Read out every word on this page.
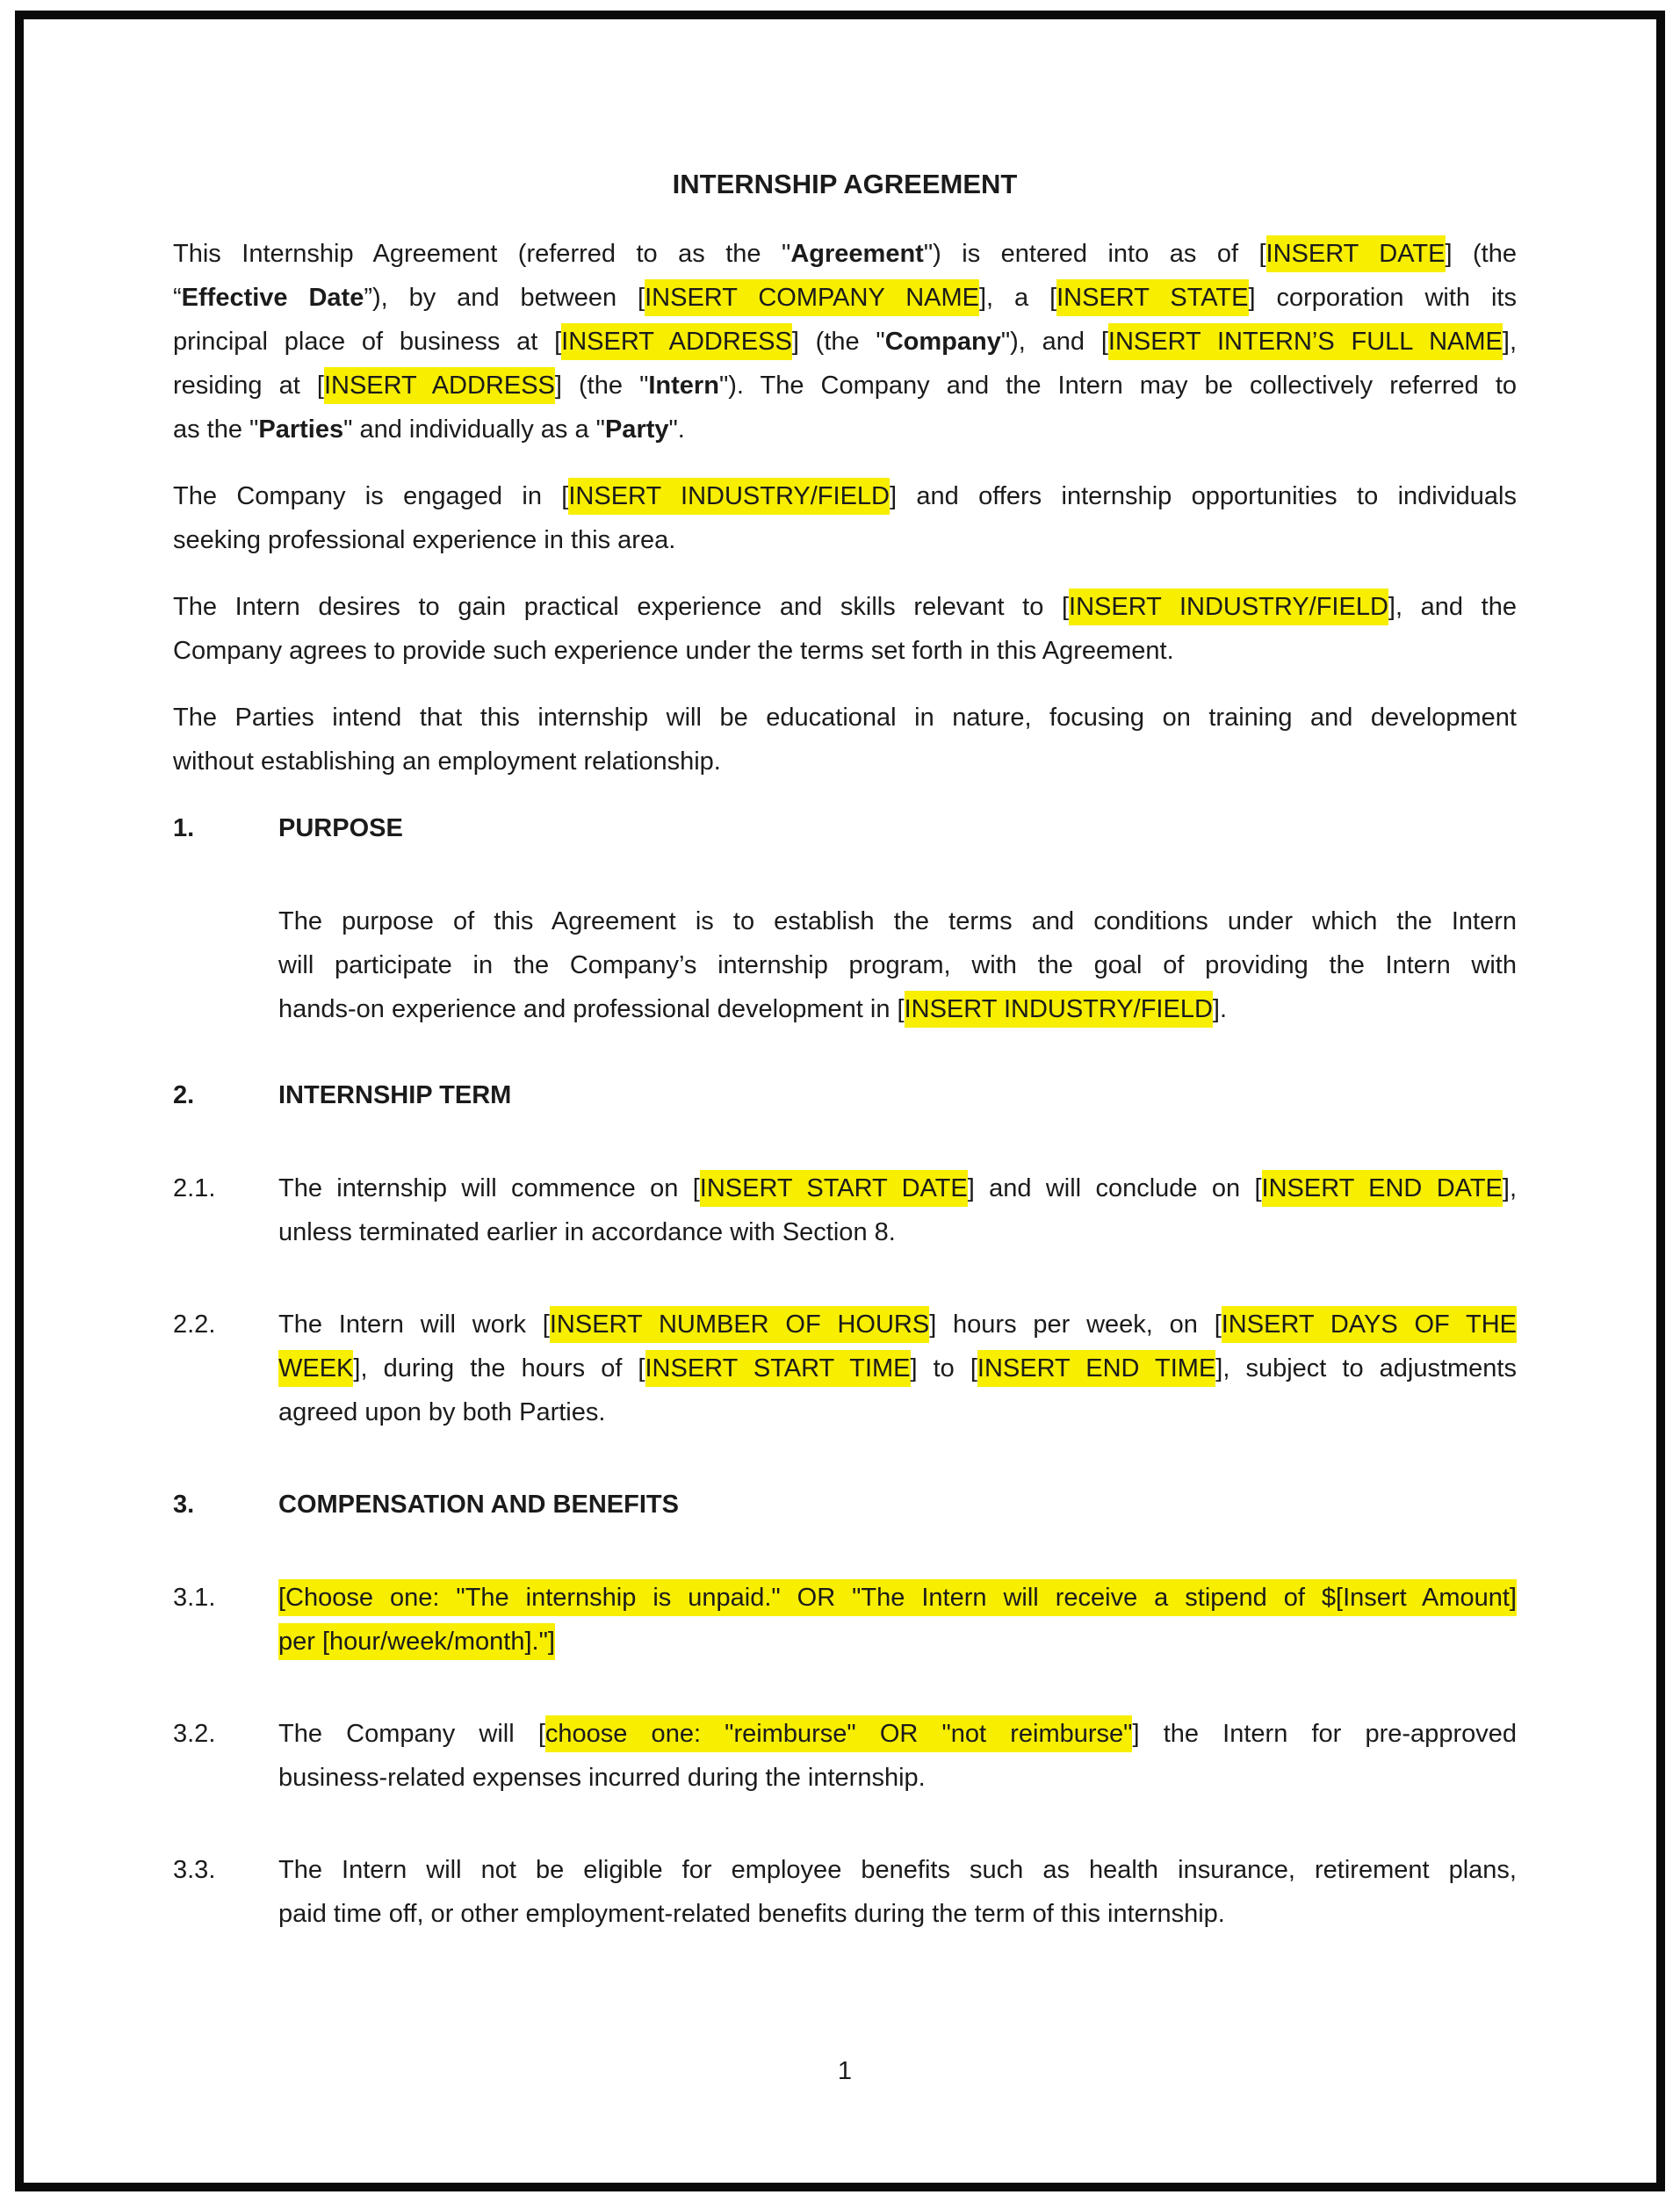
INTERNSHIP AGREEMENT
This Internship Agreement (referred to as the "Agreement") is entered into as of [INSERT DATE] (the
“Effective Date”), by and between [INSERT COMPANY NAME], a [INSERT STATE] corporation with its
principal place of business at [INSERT ADDRESS] (the "Company"), and [INSERT INTERN’S FULL NAME],
residing at [INSERT ADDRESS] (the "Intern"). The Company and the Intern may be collectively referred to
as the "Parties" and individually as a "Party".
The Company is engaged in [INSERT INDUSTRY/FIELD] and offers internship opportunities to individuals
seeking professional experience in this area.
The Intern desires to gain practical experience and skills relevant to [INSERT INDUSTRY/FIELD], and the
Company agrees to provide such experience under the terms set forth in this Agreement.
The Parties intend that this internship will be educational in nature, focusing on training and development
without establishing an employment relationship.
1.	PURPOSE
The purpose of this Agreement is to establish the terms and conditions under which the Intern
will participate in the Company’s internship program, with the goal of providing the Intern with
hands-on experience and professional development in [INSERT INDUSTRY/FIELD].
2.	INTERNSHIP TERM
2.1.	The internship will commence on [INSERT START DATE] and will conclude on [INSERT END DATE],
unless terminated earlier in accordance with Section 8.
2.2.	The Intern will work [INSERT NUMBER OF HOURS] hours per week, on [INSERT DAYS OF THE
WEEK], during the hours of [INSERT START TIME] to [INSERT END TIME], subject to adjustments
agreed upon by both Parties.
3.	COMPENSATION AND BENEFITS
3.1.	[Choose one: "The internship is unpaid." OR "The Intern will receive a stipend of $[Insert Amount]
per [hour/week/month]."]
3.2.	The Company will [choose one: "reimburse" OR "not reimburse"] the Intern for pre-approved
business-related expenses incurred during the internship.
3.3.	The Intern will not be eligible for employee benefits such as health insurance, retirement plans,
paid time off, or other employment-related benefits during the term of this internship.
1
